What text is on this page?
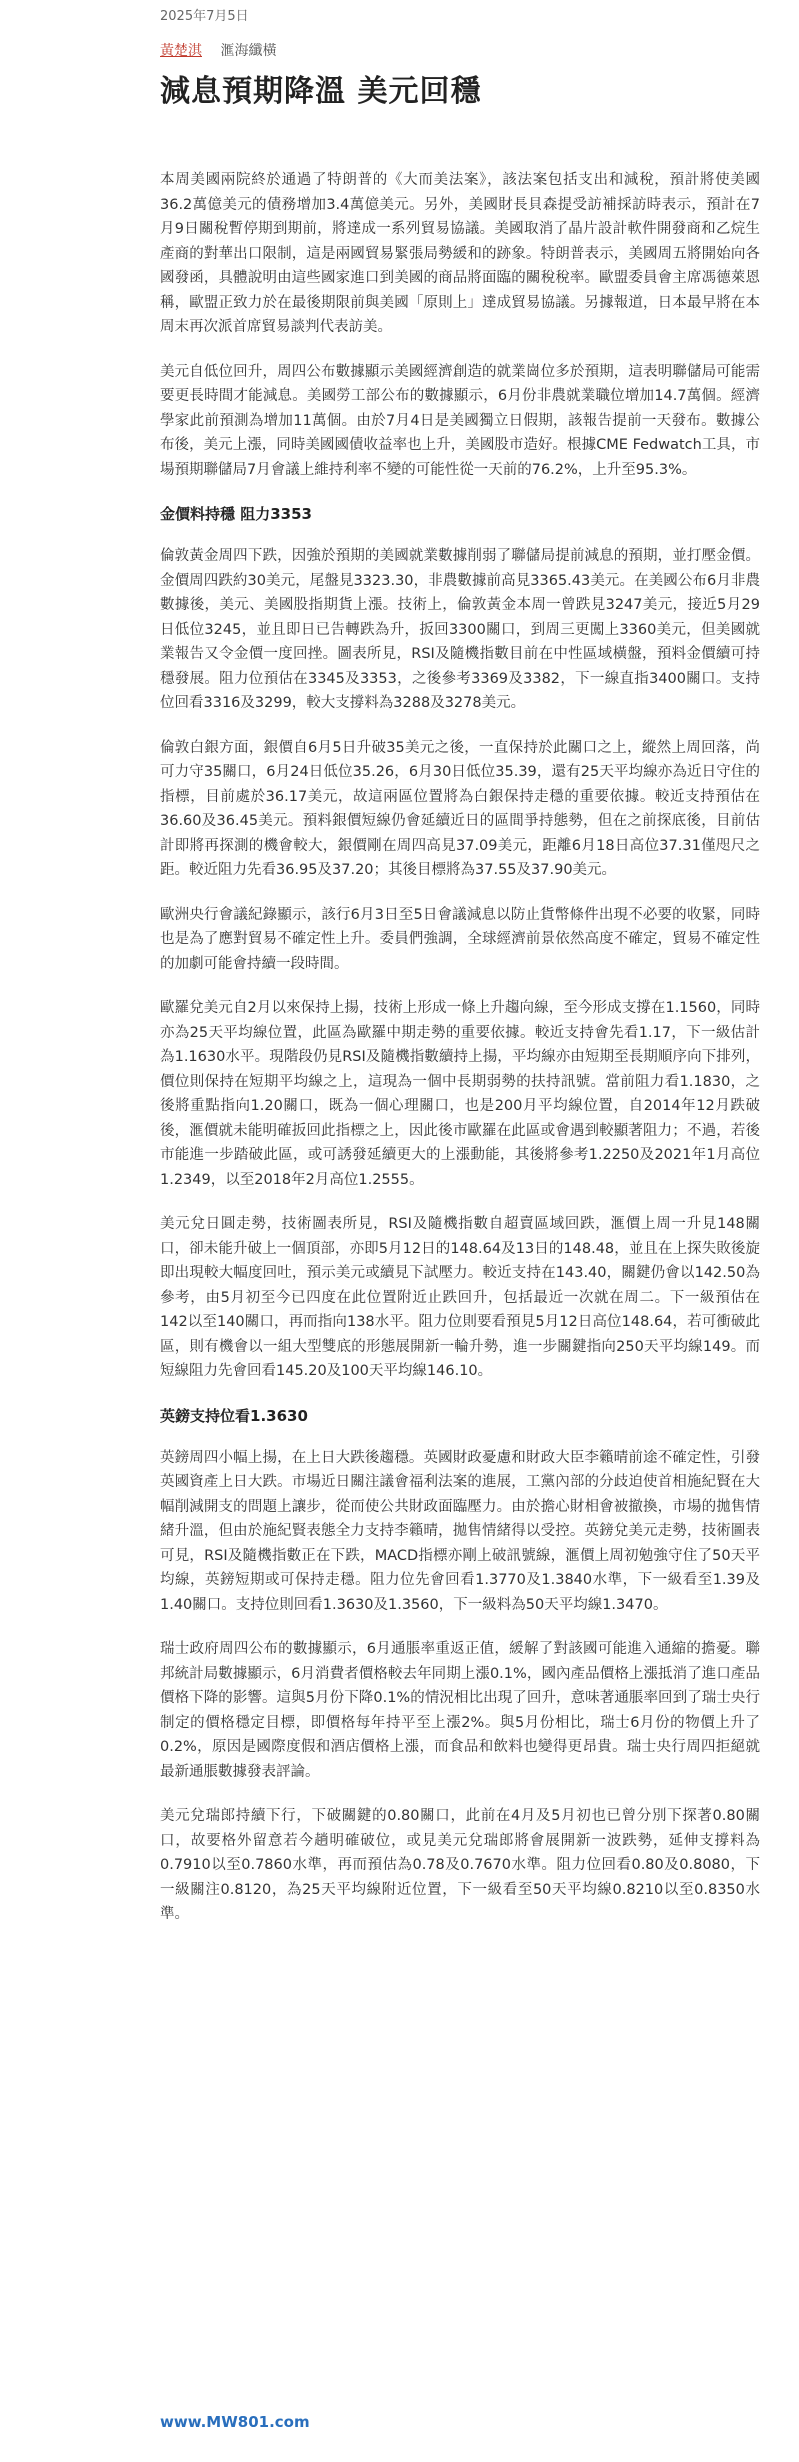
2025年7月5日
黃楚淇 滙海纖橫
減息預期降溫 美元回穩

本周美國兩院終於通過了特朗普的《大而美法案》，該法案包括支出和減稅，預計將使美國36.2萬億美元的債務增加3.4萬億美元。另外，美國財長貝森提受訪補採訪時表示，預計在7月9日關稅暫停期到期前，將達成一系列貿易協議。美國取消了晶片設計軟件開發商和乙烷生產商的對華出口限制，這是兩國貿易緊張局勢緩和的跡象。特朗普表示，美國周五將開始向各國發函，具體說明由這些國家進口到美國的商品將面臨的關稅稅率。歐盟委員會主席馮德萊恩稱，歐盟正致力於在最後期限前與美國「原則上」達成貿易協議。另據報道，日本最早將在本周末再次派首席貿易談判代表訪美。

美元自低位回升，周四公布數據顯示美國經濟創造的就業崗位多於預期，這表明聯儲局可能需要更長時間才能減息。美國勞工部公布的數據顯示，6月份非農就業職位增加14.7萬個。經濟學家此前預測為增加11萬個。由於7月4日是美國獨立日假期，該報告提前一天發布。數據公布後，美元上漲，同時美國國債收益率也上升，美國股市造好。根據CME Fedwatch工具，市場預期聯儲局7月會議上維持利率不變的可能性從一天前的76.2%，上升至95.3%。

金價料持穩 阻力3353

倫敦黃金周四下跌，因強於預期的美國就業數據削弱了聯儲局提前減息的預期，並打壓金價。金價周四跌約30美元，尾盤見3323.30，非農數據前高見3365.43美元。在美國公布6月非農數據後，美元、美國股指期貨上漲。技術上，倫敦黃金本周一曾跌見3247美元，接近5月29日低位3245，並且即日已告轉跌為升，扳回3300關口，到周三更闖上3360美元，但美國就業報告又令金價一度回挫。圖表所見，RSI及隨機指數目前在中性區域橫盤，預料金價續可持穩發展。阻力位預估在3345及3353，之後參考3369及3382，下一線直指3400關口。支持位回看3316及3299，較大支撐料為3288及3278美元。

倫敦白銀方面，銀價自6月5日升破35美元之後，一直保持於此關口之上，縱然上周回落，尚可力守35關口，6月24日低位35.26，6月30日低位35.39，還有25天平均線亦為近日守住的指標，目前處於36.17美元，故這兩區位置將為白銀保持走穩的重要依據。較近支持預估在36.60及36.45美元。預料銀價短線仍會延續近日的區間爭持態勢，但在之前探底後，目前估計即將再探測的機會較大，銀價剛在周四高見37.09美元，距離6月18日高位37.31僅咫尺之距。較近阻力先看36.95及37.20；其後目標將為37.55及37.90美元。

歐洲央行會議紀錄顯示，該行6月3日至5日會議減息以防止貨幣條件出現不必要的收緊，同時也是為了應對貿易不確定性上升。委員們強調，全球經濟前景依然高度不確定，貿易不確定性的加劇可能會持續一段時間。

歐羅兌美元自2月以來保持上揚，技術上形成一條上升趨向線，至今形成支撐在1.1560，同時亦為25天平均線位置，此區為歐羅中期走勢的重要依據。較近支持會先看1.17，下一級估計為1.1630水平。現階段仍見RSI及隨機指數續持上揚，平均線亦由短期至長期順序向下排列，價位則保持在短期平均線之上，這現為一個中長期弱勢的扶持訊號。當前阻力看1.1830，之後將重點指向1.20關口，既為一個心理關口，也是200月平均線位置，自2014年12月跌破後，滙價就未能明確扳回此指標之上，因此後市歐羅在此區或會遇到較顯著阻力；不過，若後市能進一步踏破此區，或可誘發延續更大的上漲動能，其後將參考1.2250及2021年1月高位1.2349，以至2018年2月高位1.2555。

美元兌日圓走勢，技術圖表所見，RSI及隨機指數自超賣區域回跌，滙價上周一升見148關口，卻未能升破上一個頂部，亦即5月12日的148.64及13日的148.48，並且在上探失敗後旋即出現較大幅度回吐，預示美元或續見下試壓力。較近支持在143.40，關鍵仍會以142.50為參考，由5月初至今已四度在此位置附近止跌回升，包括最近一次就在周二。下一級預估在142以至140關口，再而指向138水平。阻力位則要看預見5月12日高位148.64，若可衝破此區，則有機會以一組大型雙底的形態展開新一輪升勢，進一步關鍵指向250天平均線149。而短線阻力先會回看145.20及100天平均線146.10。

英鎊支持位看1.3630

英鎊周四小幅上揚，在上日大跌後趨穩。英國財政憂慮和財政大臣李籟晴前途不確定性，引發英國資產上日大跌。市場近日關注議會福利法案的進展，工黨內部的分歧迫使首相施紀賢在大幅削減開支的問題上讓步，從而使公共財政面臨壓力。由於擔心財相會被撤換，市場的拋售情緒升溫，但由於施紀賢表態全力支持李籟晴，拋售情緒得以受控。英鎊兌美元走勢，技術圖表可見，RSI及隨機指數正在下跌，MACD指標亦剛上破訊號線，滙價上周初勉強守住了50天平均線，英鎊短期或可保持走穩。阻力位先會回看1.3770及1.3840水準，下一級看至1.39及1.40關口。支持位則回看1.3630及1.3560，下一級料為50天平均線1.3470。

瑞士政府周四公布的數據顯示，6月通脹率重返正值，緩解了對該國可能進入通縮的擔憂。聯邦統計局數據顯示，6月消費者價格較去年同期上漲0.1%，國內產品價格上漲抵消了進口產品價格下降的影響。這與5月份下降0.1%的情況相比出現了回升，意味著通脹率回到了瑞士央行制定的價格穩定目標，即價格每年持平至上漲2%。與5月份相比，瑞士6月份的物價上升了0.2%，原因是國際度假和酒店價格上漲，而食品和飲料也變得更昂貴。瑞士央行周四拒絕就最新通脹數據發表評論。

美元兌瑞郎持續下行，下破關鍵的0.80關口，此前在4月及5月初也已曾分別下探著0.80關口，故要格外留意若今趟明確破位，或見美元兌瑞郎將會展開新一波跌勢，延伸支撐料為0.7910以至0.7860水準，再而預估為0.78及0.7670水準。阻力位回看0.80及0.8080，下一級關注0.8120，為25天平均線附近位置，下一級看至50天平均線0.8210以至0.8350水準。

www.MW801.com
